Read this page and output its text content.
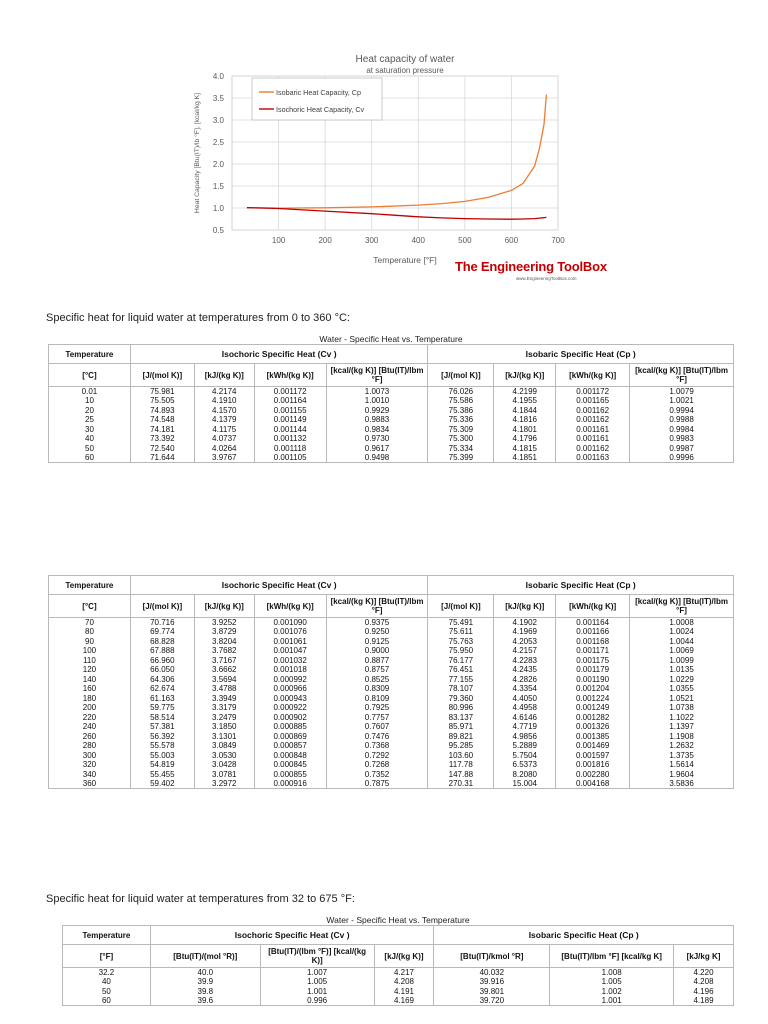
0.5
1.0
1.5
2.0
2.5
3.0
3.5
4.0
100	200	300	400	500	600	700
Heat capacity of water
at saturation pressure
Temperature [°F]
Heat Capacity [Btu(IT)/lb °F], [kcal/kg K]
Isobaric Heat Capacity, Cp
Isochoric Heat Capacity, Cv
The Engineering ToolBox
www.EngineeringToolBox.com
Specific heat for liquid water at temperatures from 0 to 360 °C:
Water - Specific Heat vs. Temperature
Temperature	Isochoric Specific Heat (Cv )				Isobaric Specific Heat (Cp )			
[°C]	[J/(mol K)]	[kJ/(kg K)]	[kWh/(kg K)]	[kcal/(kg K)] [Btu(IT)/lbm °F]	[J/(mol K)]	[kJ/(kg K)]	[kWh/(kg K)]	[kcal/(kg K)] [Btu(IT)/lbm °F]
0.01	75.981	4.2174	0.001172	1.0073	76.026	4.2199	0.001172	1.0079
10	75.505	4.1910	0.001164	1.0010	75.586	4.1955	0.001165	1.0021
20	74.893	4.1570	0.001155	0.9929	75.386	4.1844	0.001162	0.9994
25	74.548	4.1379	0.001149	0.9883	75.336	4.1816	0.001162	0.9988
30	74.181	4.1175	0.001144	0.9834	75.309	4.1801	0.001161	0.9984
40	73.392	4.0737	0.001132	0.9730	75.300	4.1796	0.001161	0.9983
50	72.540	4.0264	0.001118	0.9617	75.334	4.1815	0.001162	0.9987
60	71.644	3.9767	0.001105	0.9498	75.399	4.1851	0.001163	0.9996
Temperature	Isochoric Specific Heat (Cv )				Isobaric Specific Heat (Cp )			
[°C]	[J/(mol K)]	[kJ/(kg K)]	[kWh/(kg K)]	[kcal/(kg K)] [Btu(IT)/lbm °F]	[J/(mol K)]	[kJ/(kg K)]	[kWh/(kg K)]	[kcal/(kg K)] [Btu(IT)/lbm °F]
70	70.716	3.9252	0.001090	0.9375	75.491	4.1902	0.001164	1.0008
80	69.774	3.8729	0.001076	0.9250	75.611	4.1969	0.001166	1.0024
90	68.828	3.8204	0.001061	0.9125	75.763	4.2053	0.001168	1.0044
100	67.888	3.7682	0.001047	0.9000	75.950	4.2157	0.001171	1.0069
110	66.960	3.7167	0.001032	0.8877	76.177	4.2283	0.001175	1.0099
120	66.050	3.6662	0.001018	0.8757	76.451	4.2435	0.001179	1.0135
140	64.306	3.5694	0.000992	0.8525	77.155	4.2826	0.001190	1.0229
160	62.674	3.4788	0.000966	0.8309	78.107	4.3354	0.001204	1.0355
180	61.163	3.3949	0.000943	0.8109	79.360	4.4050	0.001224	1.0521
200	59.775	3.3179	0.000922	0.7925	80.996	4.4958	0.001249	1.0738
220	58.514	3.2479	0.000902	0.7757	83.137	4.6146	0.001282	1.1022
240	57.381	3.1850	0.000885	0.7607	85.971	4.7719	0.001326	1.1397
260	56.392	3.1301	0.000869	0.7476	89.821	4.9856	0.001385	1.1908
280	55.578	3.0849	0.000857	0.7368	95.285	5.2889	0.001469	1.2632
300	55.003	3.0530	0.000848	0.7292	103.60	5.7504	0.001597	1.3735
320	54.819	3.0428	0.000845	0.7268	117.78	6.5373	0.001816	1.5614
340	55.455	3.0781	0.000855	0.7352	147.88	8.2080	0.002280	1.9604
360	59.402	3.2972	0.000916	0.7875	270.31	15.004	0.004168	3.5836
Specific heat for liquid water at temperatures from 32 to 675 °F:
Water - Specific Heat vs. Temperature
Temperature	Isochoric Specific Heat (Cv )			Isobaric Specific Heat (Cp )		
[°F]	[Btu(IT)/(mol °R)]	[Btu(IT)/(lbm °F)] [kcal/(kg K)]	[kJ/(kg K)]	[Btu(IT)/kmol °R]	[Btu(IT)/lbm °F] [kcal/kg K]	[kJ/kg K]
32.2	40.0	1.007	4.217	40.032	1.008	4.220
40	39.9	1.005	4.208	39.916	1.005	4.208
50	39.8	1.001	4.191	39.801	1.002	4.196
60	39.6	0.996	4.169	39.720	1.001	4.189
